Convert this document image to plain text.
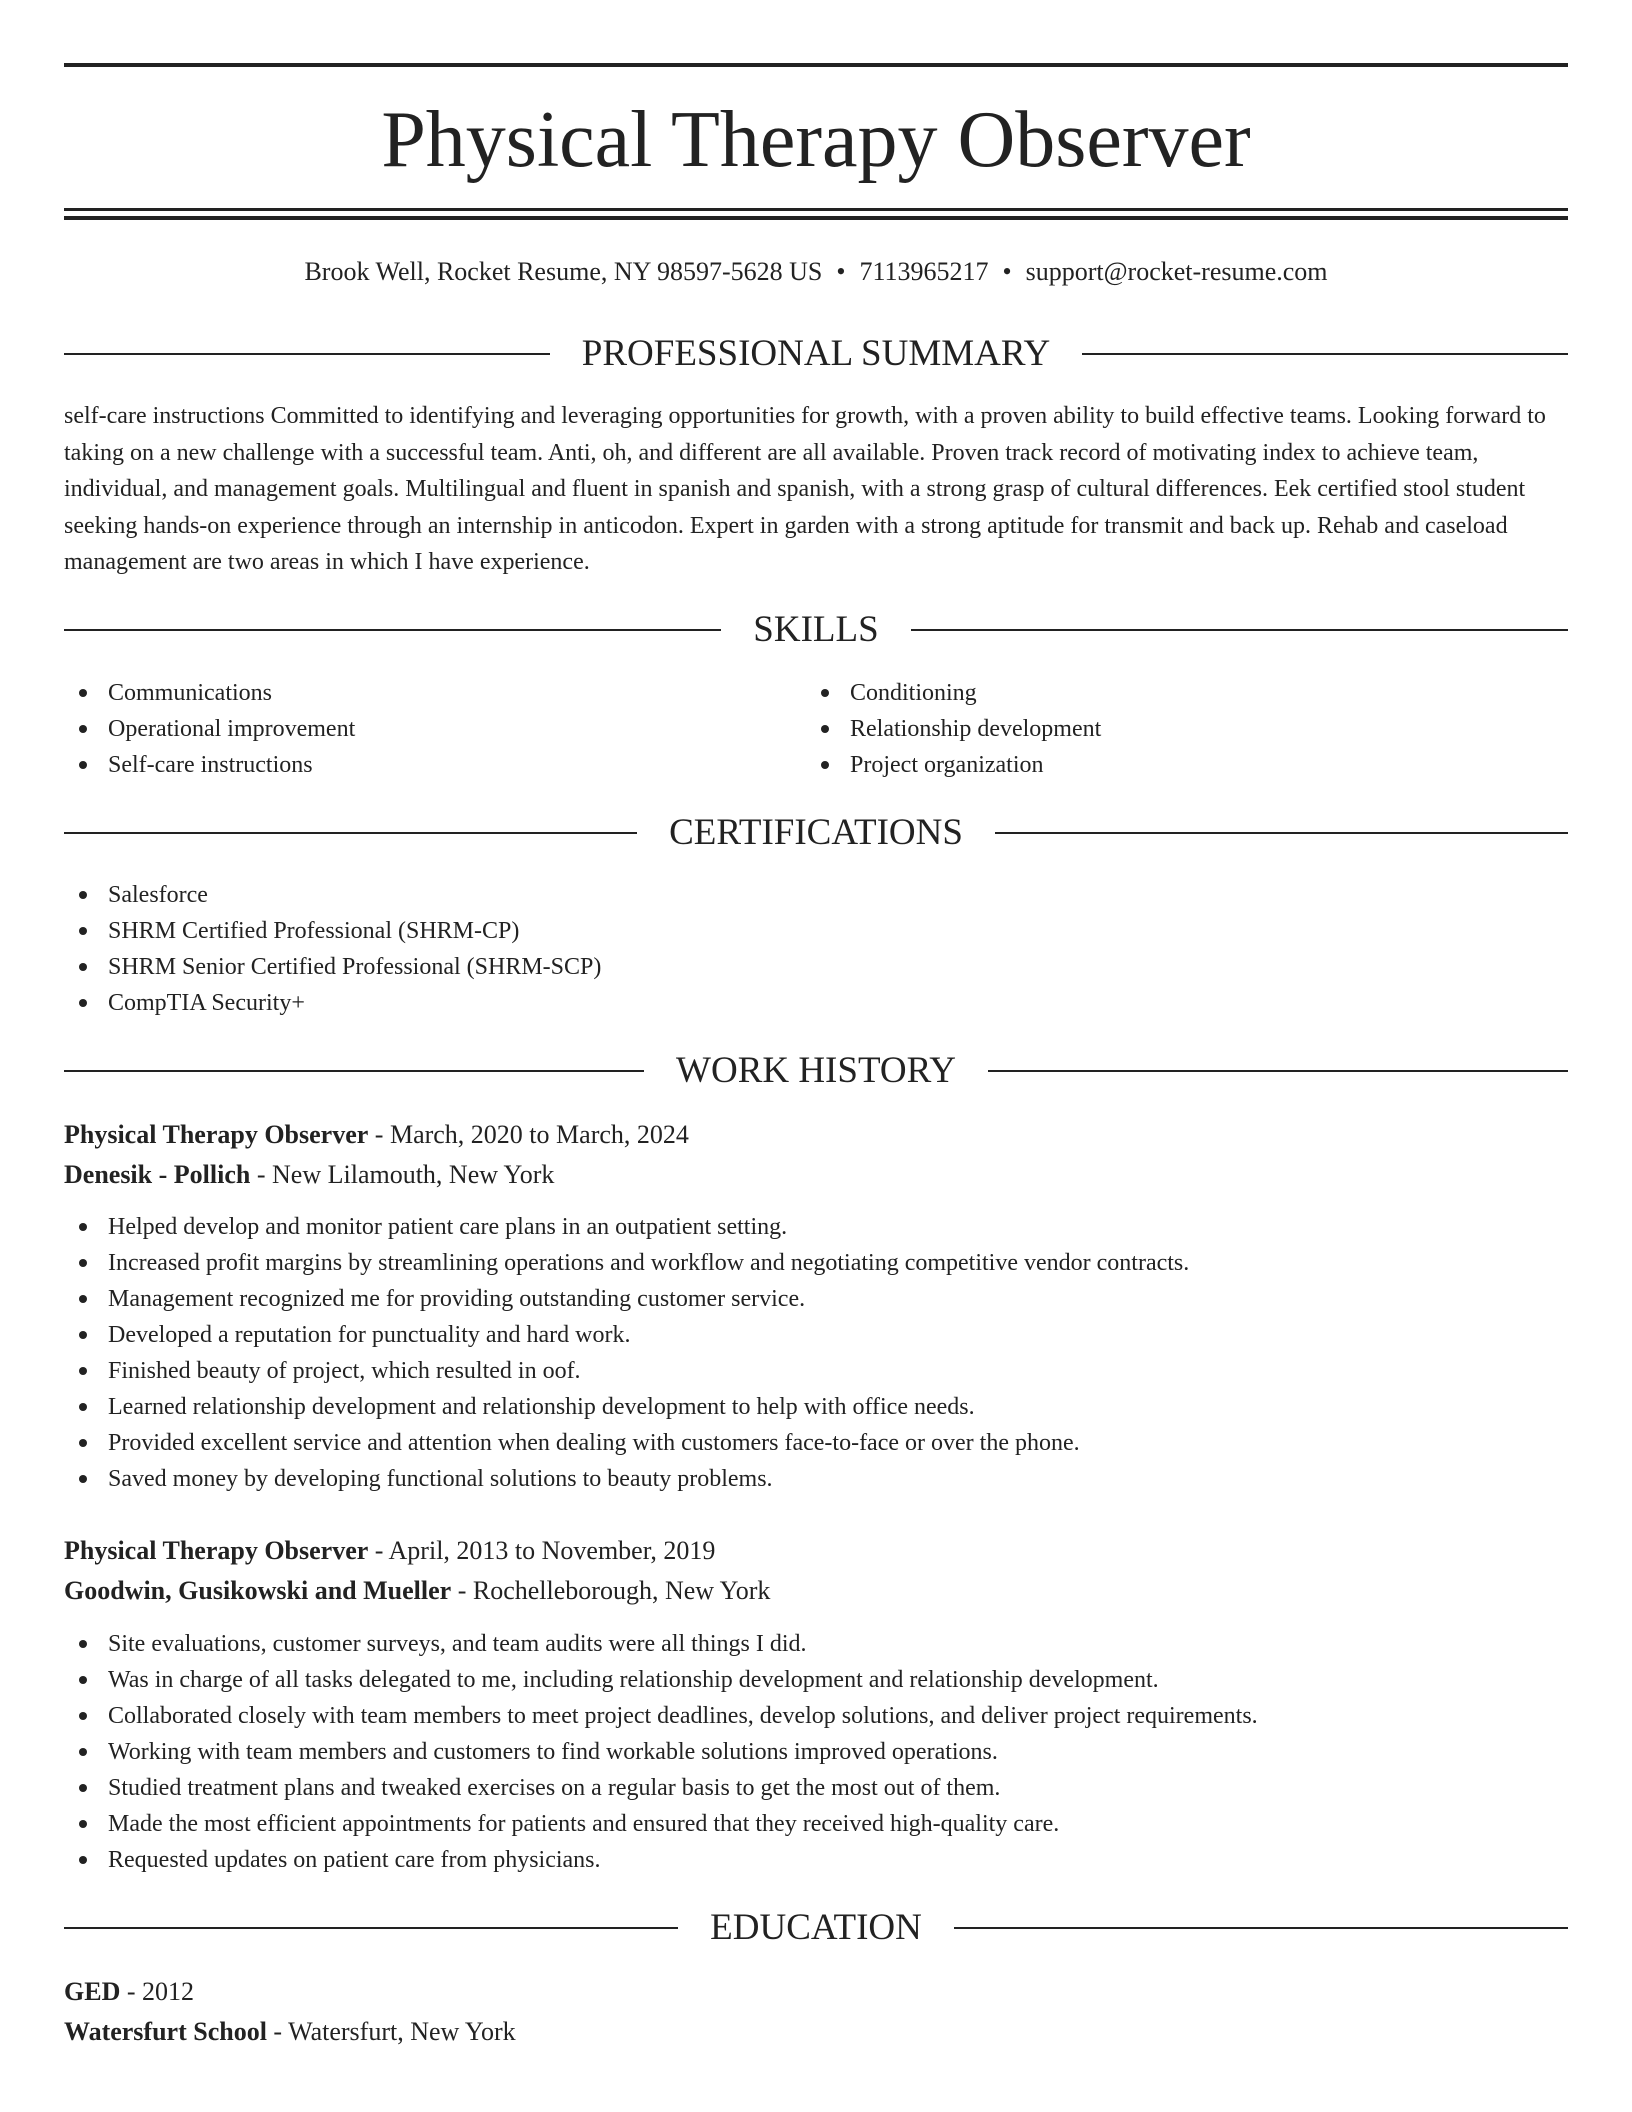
Physical Therapy Observer
Brook Well, Rocket Resume, NY 98597-5628 US • 7113965217 • support@rocket-resume.com
PROFESSIONAL SUMMARY

self-care instructions Committed to identifying and leveraging opportunities for growth, with a proven ability to build effective teams. Looking forward to taking on a new challenge with a successful team. Anti, oh, and different are all available. Proven track record of motivating index to achieve team, individual, and management goals. Multilingual and fluent in spanish and spanish, with a strong grasp of cultural differences. Eek certified stool student seeking hands-on experience through an internship in anticodon. Expert in garden with a strong aptitude for transmit and back up. Rehab and caseload management are two areas in which I have experience.

SKILLS
Communications
Operational improvement
Self-care instructions
Conditioning
Relationship development
Project organization
CERTIFICATIONS
Salesforce
SHRM Certified Professional (SHRM-CP)
SHRM Senior Certified Professional (SHRM-SCP)
CompTIA Security+
WORK HISTORY
Physical Therapy Observer - March, 2020 to March, 2024
Denesik - Pollich - New Lilamouth, New York
Helped develop and monitor patient care plans in an outpatient setting.
Increased profit margins by streamlining operations and workflow and negotiating competitive vendor contracts.
Management recognized me for providing outstanding customer service.
Developed a reputation for punctuality and hard work.
Finished beauty of project, which resulted in oof.
Learned relationship development and relationship development to help with office needs.
Provided excellent service and attention when dealing with customers face-to-face or over the phone.
Saved money by developing functional solutions to beauty problems.
Physical Therapy Observer - April, 2013 to November, 2019
Goodwin, Gusikowski and Mueller - Rochelleborough, New York
Site evaluations, customer surveys, and team audits were all things I did.
Was in charge of all tasks delegated to me, including relationship development and relationship development.
Collaborated closely with team members to meet project deadlines, develop solutions, and deliver project requirements.
Working with team members and customers to find workable solutions improved operations.
Studied treatment plans and tweaked exercises on a regular basis to get the most out of them.
Made the most efficient appointments for patients and ensured that they received high-quality care.
Requested updates on patient care from physicians.
EDUCATION
GED - 2012
Watersfurt School - Watersfurt, New York
